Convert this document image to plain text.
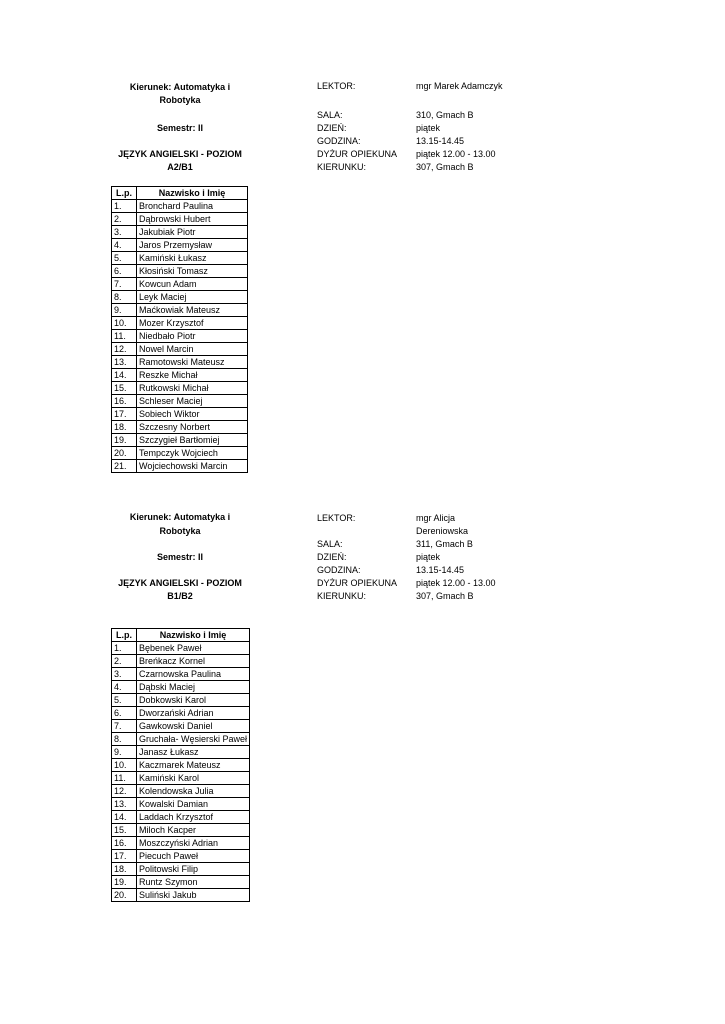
Kierunek: Automatyka i
Robotyka
Semestr: II
JĘZYK ANGIELSKI - POZIOM
A2/B1
LEKTOR:	mgr Marek Adamczyk
SALA:	310, Gmach B
DZIEŃ:	piątek
GODZINA:	13.15-14.45
DYŻUR OPIEKUNA piątek 12.00 - 13.00
KIERUNKU:	307, Gmach B
L.p.	Nazwisko i Imię
1.	Bronchard Paulina
2.	Dąbrowski Hubert
3.	Jakubiak Piotr
4.	Jaros Przemysław
5.	Kamiński Łukasz
6.	Kłosiński Tomasz
7.	Kowcun Adam
8.	Leyk Maciej
9.	Maćkowiak Mateusz
10.	Mozer Krzysztof
11.	Niedbało Piotr
12.	Nowel Marcin
13.	Ramotowski Mateusz
14.	Reszke Michał
15.	Rutkowski Michał
16.	Schleser Maciej
17.	Sobiech Wiktor
18.	Szczesny Norbert
19.	Szczygieł Bartłomiej
20.	Tempczyk Wojciech
21.	Wojciechowski Marcin
Kierunek: Automatyka i
Robotyka
Semestr: II
JĘZYK ANGIELSKI - POZIOM
B1/B2
LEKTOR:	mgr Alicja
Dereniowska
SALA:	311, Gmach B
DZIEŃ:	piątek
GODZINA:	13.15-14.45
DYŻUR OPIEKUNA piątek 12.00 - 13.00
KIERUNKU:	307, Gmach B
L.p.	Nazwisko i Imię
1.	Bębenek Paweł
2.	Breńkacz Kornel
3.	Czarnowska Paulina
4.	Dąbski Maciej
5.	Dobkowski Karol
6.	Dworzański Adrian
7.	Gawkowski Daniel
8.	Gruchała- Węsierski Paweł
9.	Janasz Łukasz
10.	Kaczmarek Mateusz
11.	Kamiński Karol
12.	Kolendowska Julia
13.	Kowalski Damian
14.	Laddach Krzysztof
15.	Miloch Kacper
16.	Moszczyński Adrian
17.	Piecuch Paweł
18.	Politowski Filip
19.	Runtz Szymon
20.	Suliński Jakub
